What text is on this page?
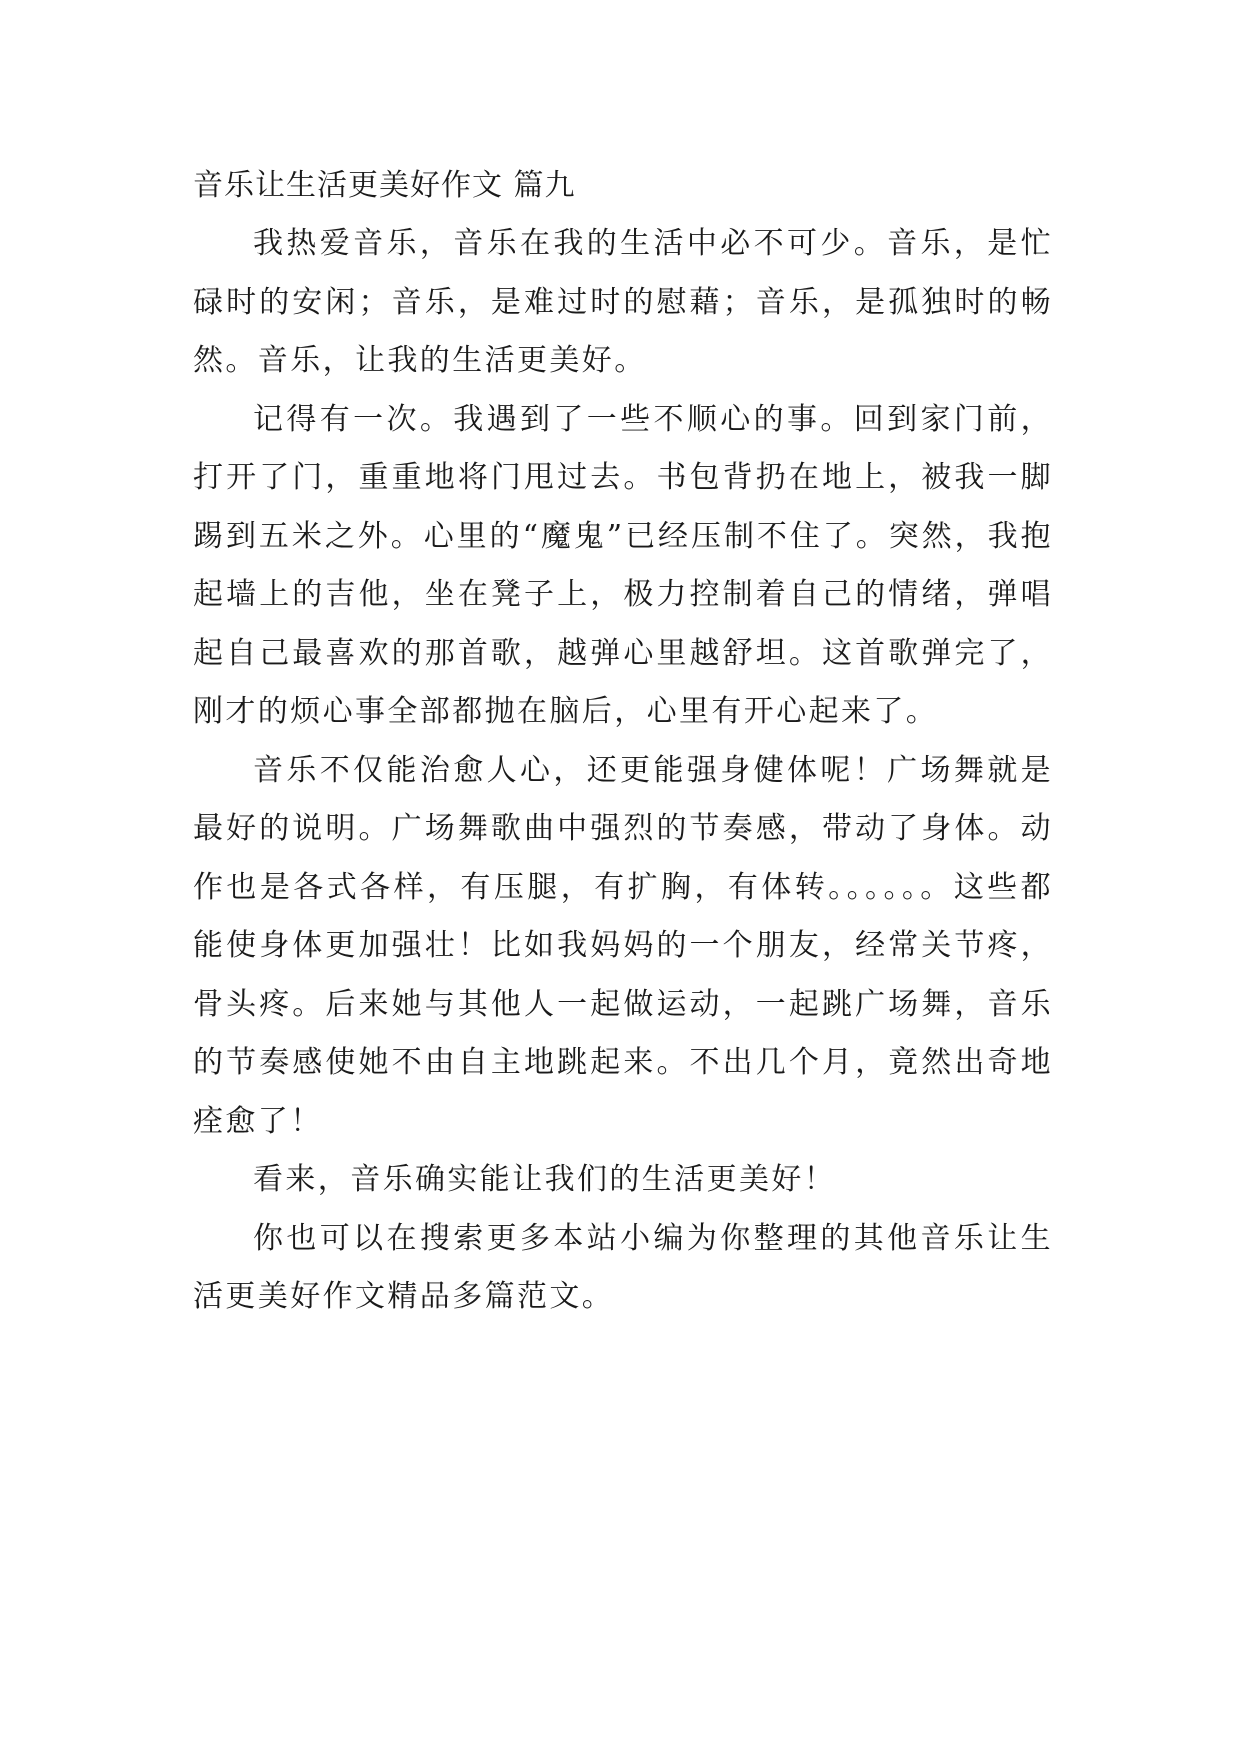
音乐让生活更美好作文 篇九

我热爱音乐，音乐在我的生活中必不可少。音乐，是忙碌时的安闲；音乐，是难过时的慰藉；音乐，是孤独时的畅然。音乐，让我的生活更美好。

记得有一次。我遇到了一些不顺心的事。回到家门前，打开了门，重重地将门甩过去。书包背扔在地上，被我一脚踢到五米之外。心里的“魔鬼”已经压制不住了。突然，我抱起墙上的吉他，坐在凳子上，极力控制着自己的情绪，弹唱起自己最喜欢的那首歌，越弹心里越舒坦。这首歌弹完了，刚才的烦心事全部都抛在脑后，心里有开心起来了。

音乐不仅能治愈人心，还更能强身健体呢！广场舞就是最好的说明。广场舞歌曲中强烈的节奏感，带动了身体。动作也是各式各样，有压腿，有扩胸，有体转。。。。。。这些都能使身体更加强壮！比如我妈妈的一个朋友，经常关节疼，骨头疼。后来她与其他人一起做运动，一起跳广场舞，音乐的节奏感使她不由自主地跳起来。不出几个月，竟然出奇地痊愈了！

看来，音乐确实能让我们的生活更美好！

你也可以在搜索更多本站小编为你整理的其他音乐让生活更美好作文精品多篇范文。
